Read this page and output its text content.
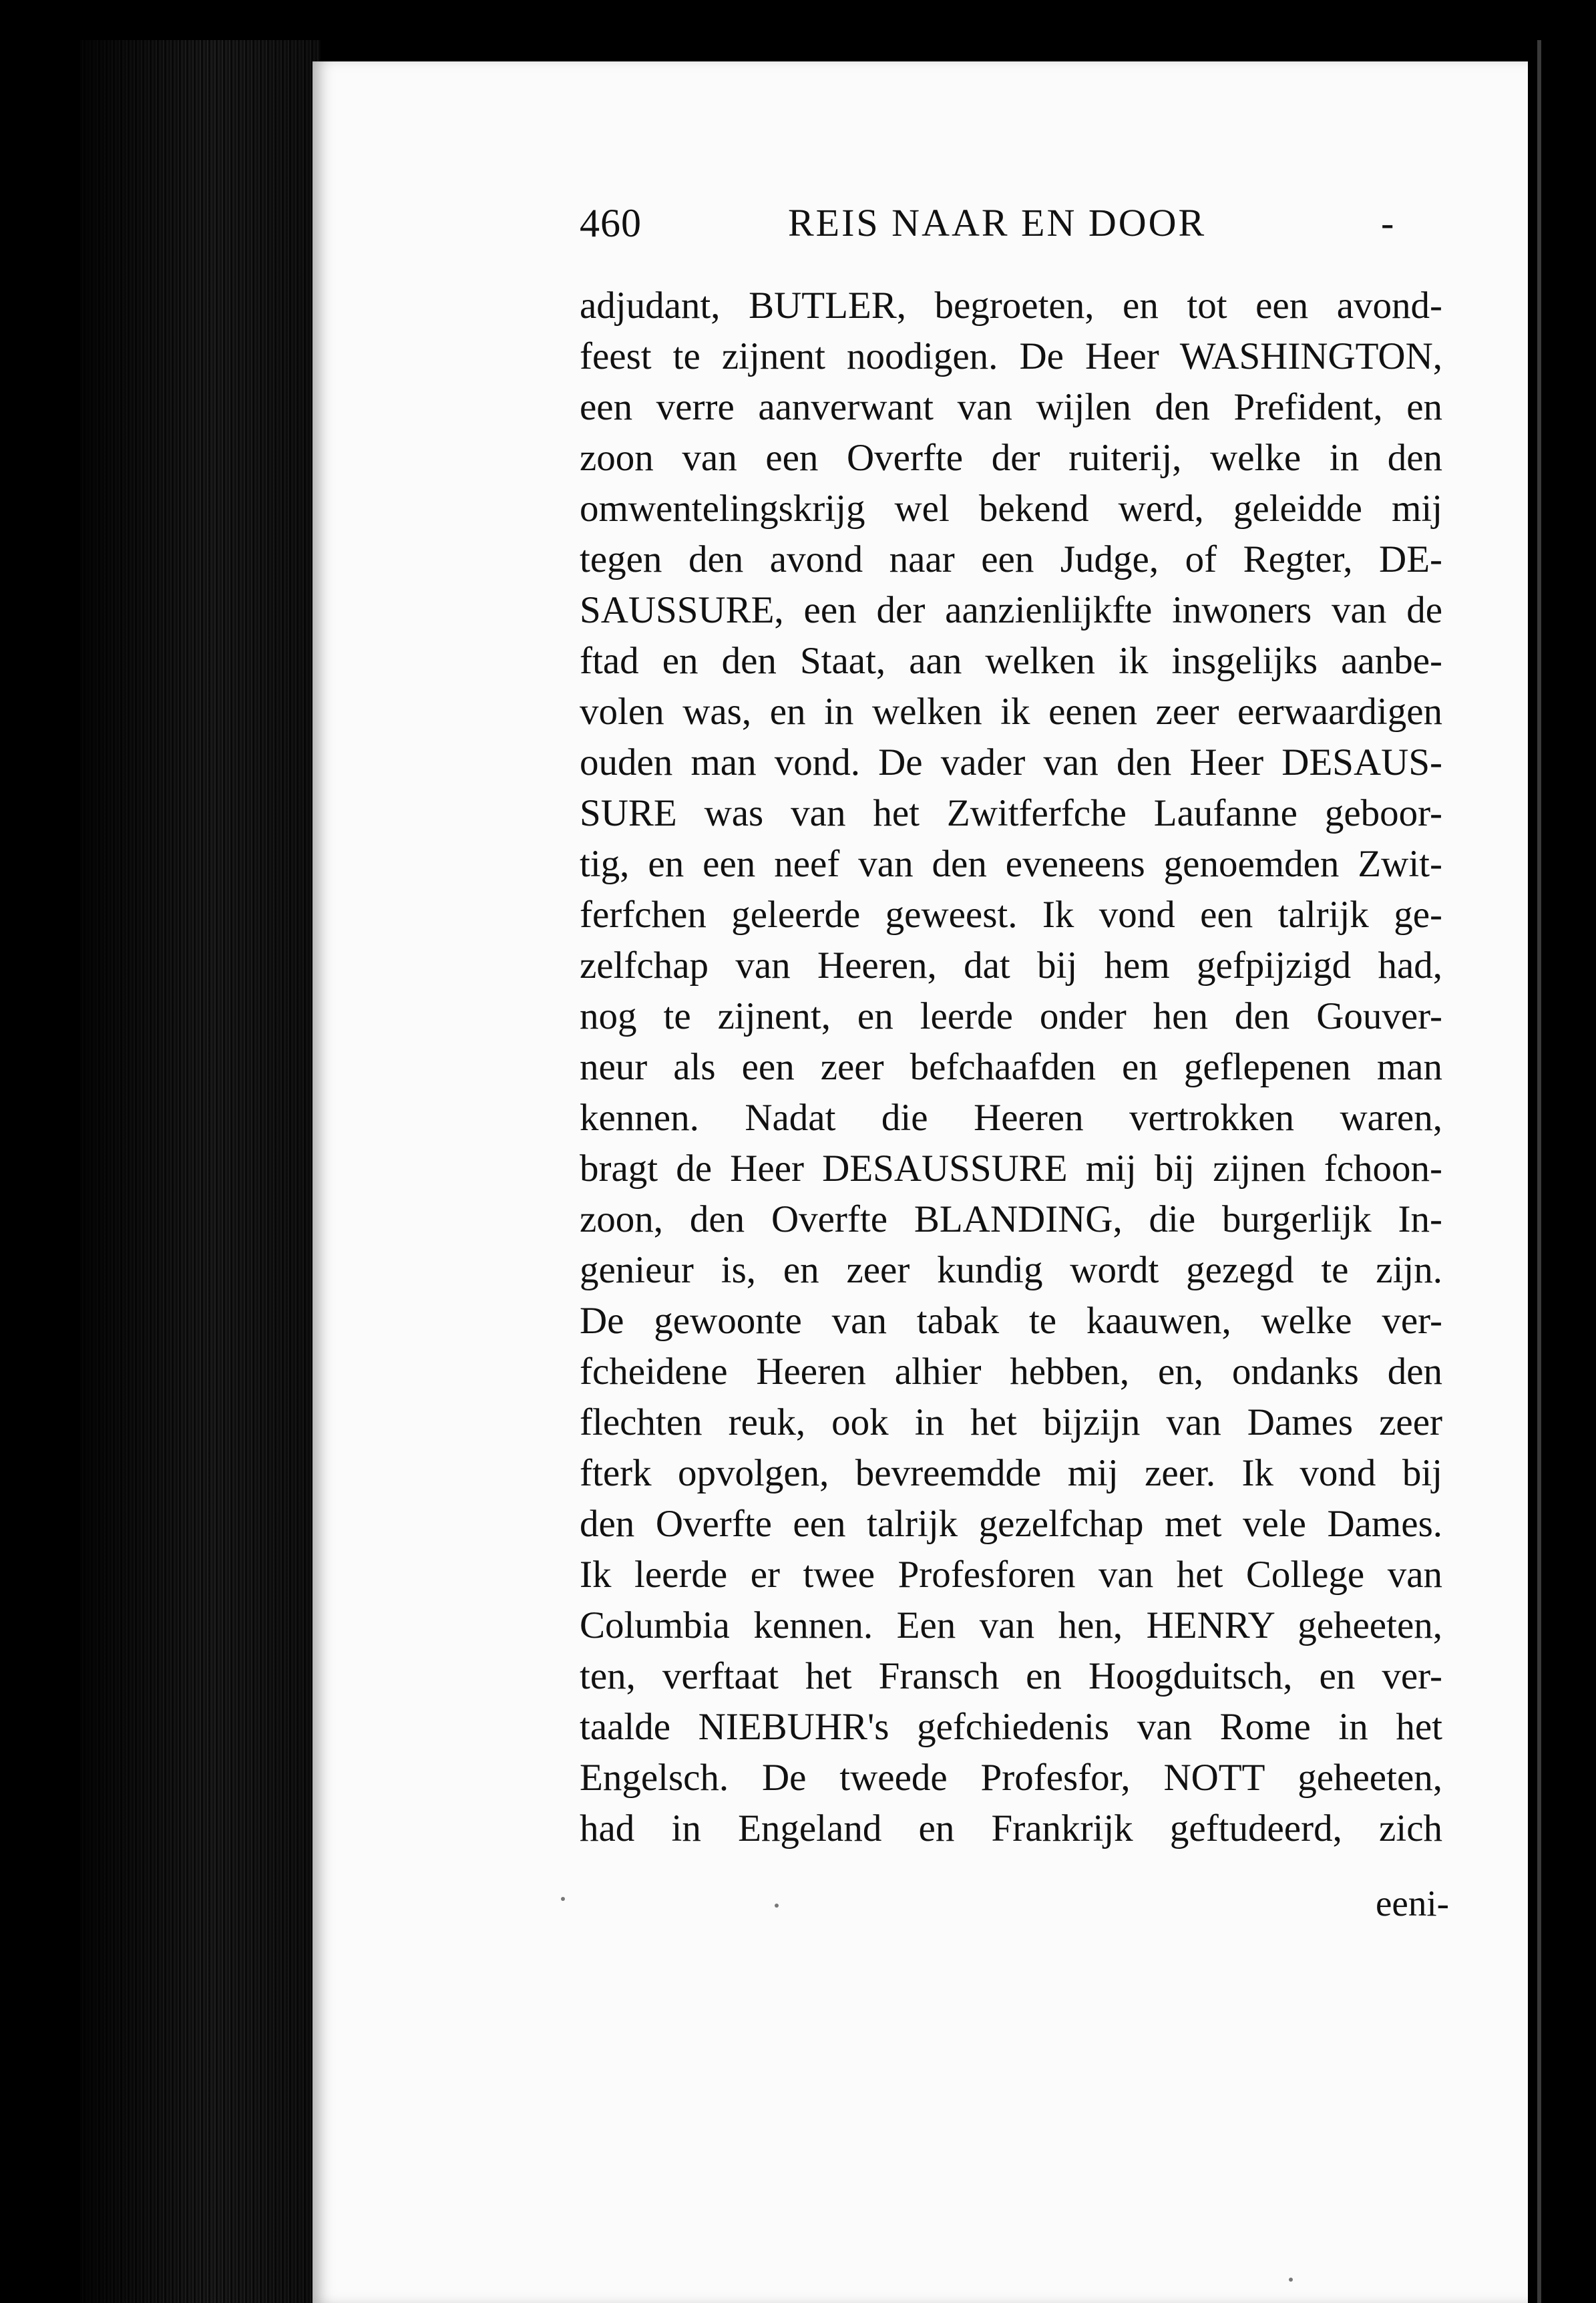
460	REIS NAAR EN DOOR	-
adjudant, BUTLER, begroeten, en tot een avond-
feest te zijnent noodigen. De Heer WASHINGTON,
een verre aanverwant van wijlen den Prefident, en
zoon van een Overfte der ruiterij, welke in den
omwentelingskrijg wel bekend werd, geleidde mij
tegen den avond naar een Judge, of Regter, DE-
SAUSSURE, een der aanzienlijkfte inwoners van de
ftad en den Staat, aan welken ik insgelijks aanbe-
volen was, en in welken ik eenen zeer eerwaardigen
ouden man vond. De vader van den Heer DESAUS-
SURE was van het Zwitferfche Laufanne geboor-
tig, en een neef van den eveneens genoemden Zwit-
ferfchen geleerde geweest. Ik vond een talrijk ge-
zelfchap van Heeren, dat bij hem gefpijzigd had,
nog te zijnent, en leerde onder hen den Gouver-
neur als een zeer befchaafden en geflepenen man
kennen. Nadat die Heeren vertrokken waren,
bragt de Heer DESAUSSURE mij bij zijnen fchoon-
zoon, den Overfte BLANDING, die burgerlijk In-
genieur is, en zeer kundig wordt gezegd te zijn.
De gewoonte van tabak te kaauwen, welke ver-
fcheidene Heeren alhier hebben, en, ondanks den
flechten reuk, ook in het bijzijn van Dames zeer
fterk opvolgen, bevreemdde mij zeer. Ik vond bij
den Overfte een talrijk gezelfchap met vele Dames.
Ik leerde er twee Profesforen van het College van
Columbia kennen. Een van hen, HENRY geheeten,
ten, verftaat het Fransch en Hoogduitsch, en ver-
taalde NIEBUHR's gefchiedenis van Rome in het
Engelsch. De tweede Profesfor, NOTT geheeten,
had in Engeland en Frankrijk geftudeerd, zich
eeni-
